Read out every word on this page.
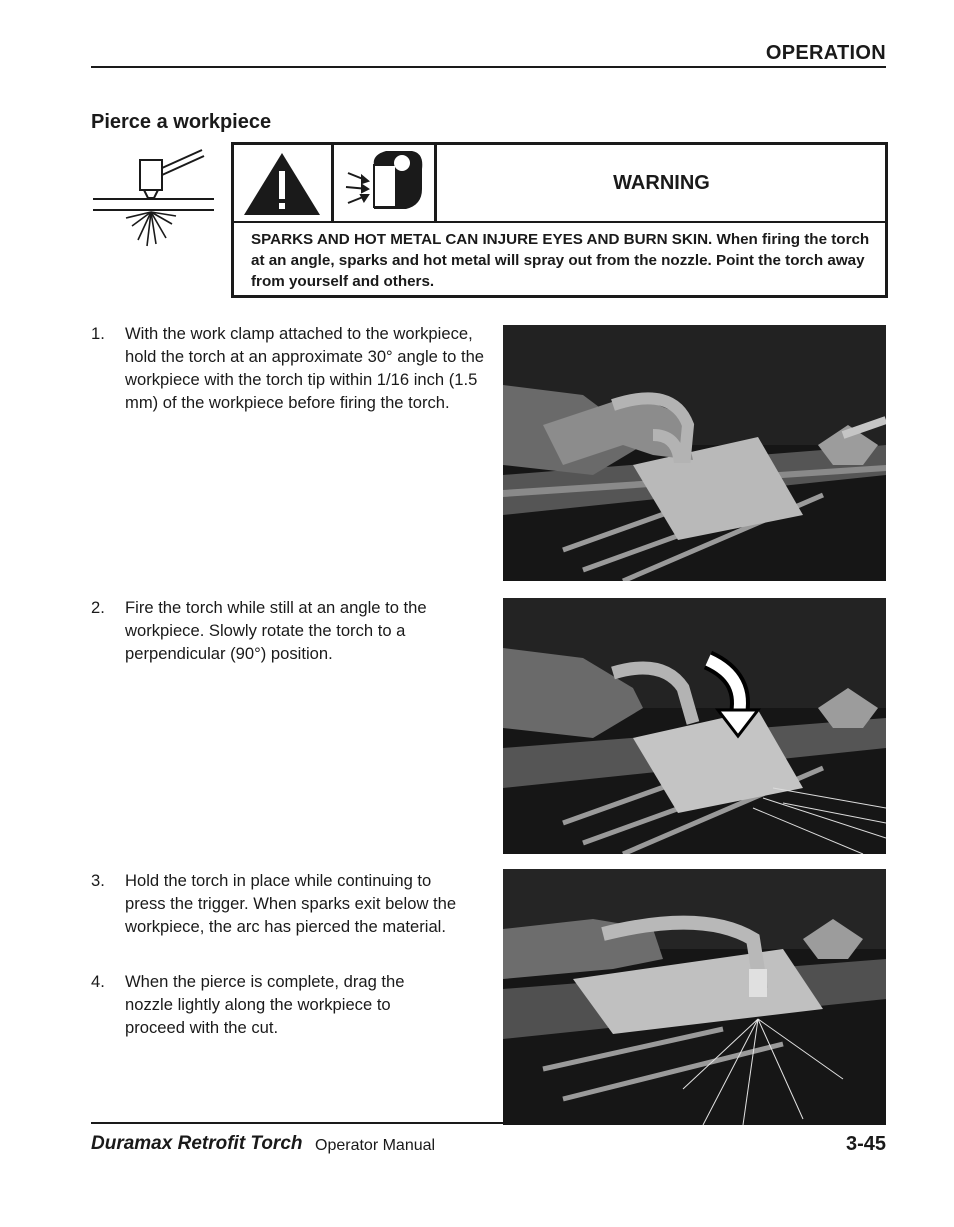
OPERATION
Pierce a workpiece
WARNING
SPARKS AND HOT METAL CAN INJURE EYES AND BURN SKIN. When firing the torch at an angle, sparks and hot metal will spray out from the nozzle. Point the torch away from yourself and others.
1.	With the work clamp attached to the workpiece, hold the torch at an approximate 30° angle to the workpiece with the torch tip within 1/16 inch (1.5 mm) of the workpiece before firing the torch.
2.	Fire the torch while still at an angle to the workpiece. Slowly rotate the torch to a perpendicular (90°) position.
3.	Hold the torch in place while continuing to press the trigger. When sparks exit below the workpiece, the arc has pierced the material.
4.	When the pierce is complete, drag the nozzle lightly along the workpiece to proceed with the cut.
Duramax Retrofit Torch Operator Manual	3-45
